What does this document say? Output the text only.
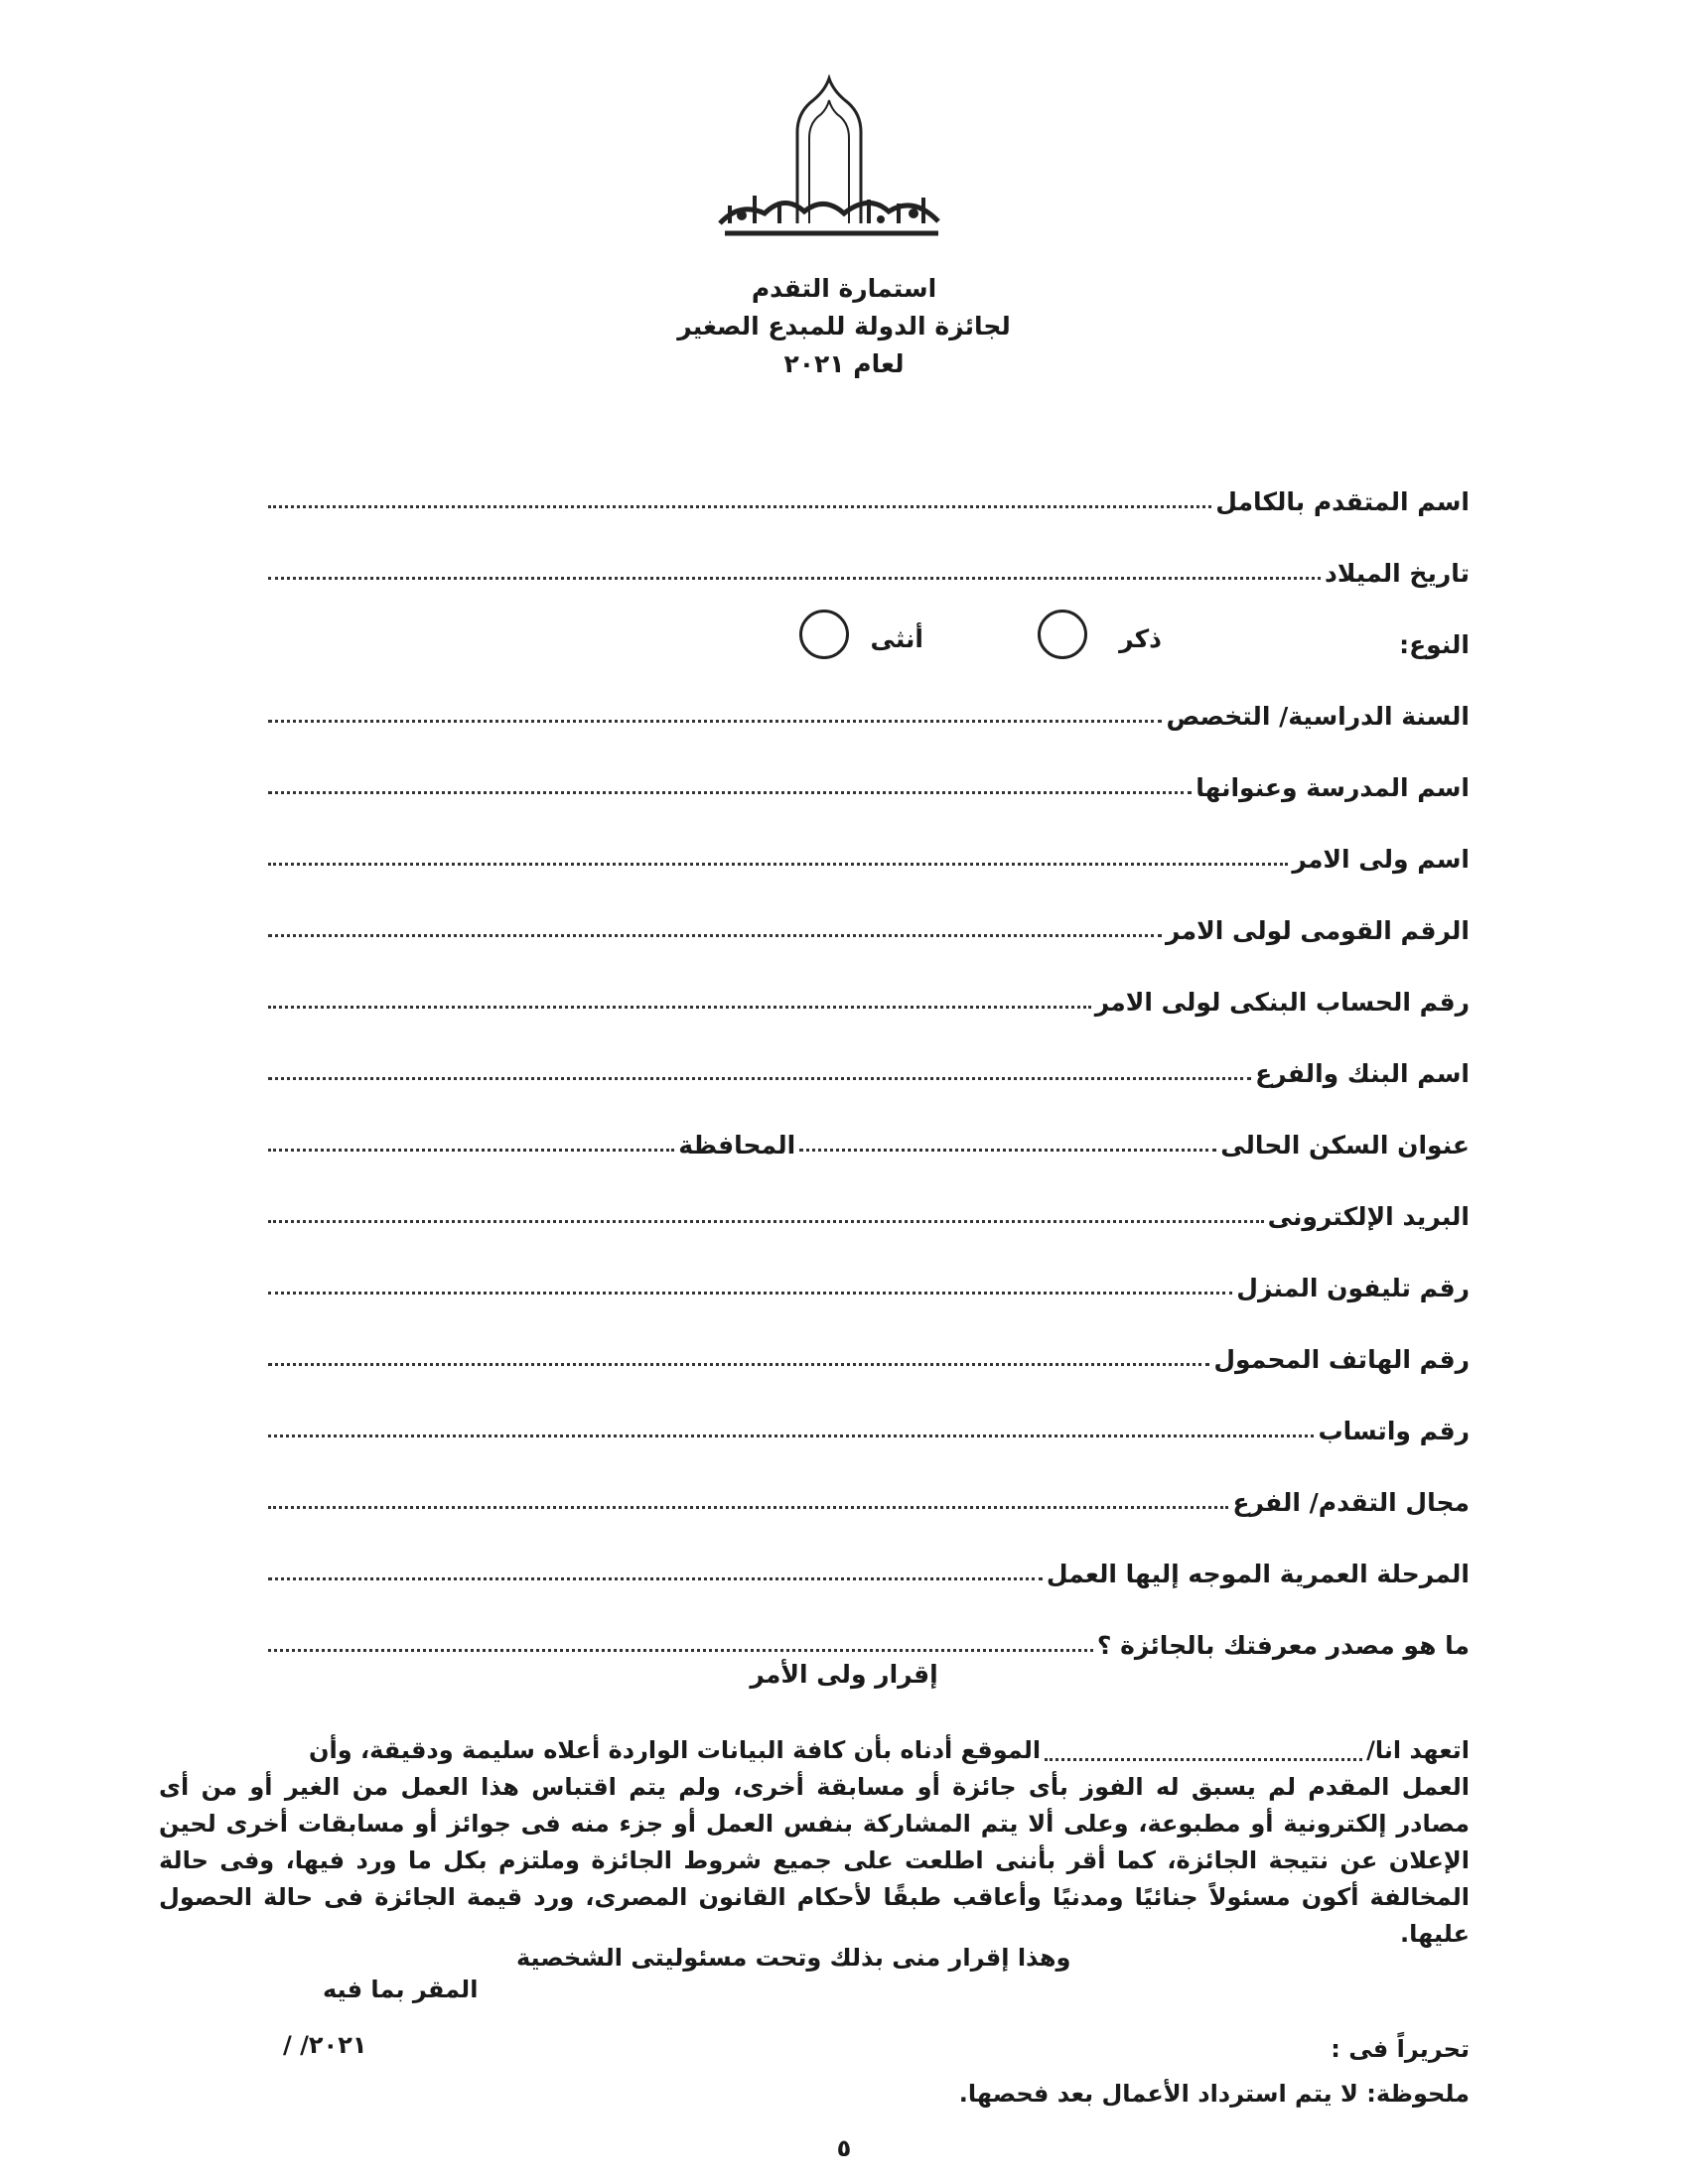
استمارة التقدم
لجائزة الدولة للمبدع الصغير
لعام ٢٠٢١
اسم المتقدم بالكامل
تاريخ الميلاد
النوع:
ذكر
أنثى
السنة الدراسية/ التخصص
اسم المدرسة وعنوانها
اسم ولى الامر
الرقم القومى لولى الامر
رقم الحساب البنكى لولى الامر
اسم البنك والفرع
عنوان السكن الحالى
المحافظة
البريد الإلكترونى
رقم تليفون المنزل
رقم الهاتف المحمول
رقم واتساب
مجال التقدم/ الفرع
المرحلة العمرية الموجه إليها العمل
ما هو مصدر معرفتك بالجائزة ؟
إقرار ولى الأمر

اتعهد انا/
الموقع أدناه بأن كافة البيانات الواردة أعلاه سليمة ودقيقة، وأن

العمل المقدم لم يسبق له الفوز بأى جائزة أو مسابقة أخرى، ولم يتم اقتباس هذا العمل من الغير أو من أى مصادر إلكترونية أو مطبوعة، وعلى ألا يتم المشاركة بنفس العمل أو جزء منه فى جوائز أو مسابقات أخرى لحين الإعلان عن نتيجة الجائزة، كما أقر بأننى اطلعت على جميع شروط الجائزة وملتزم بكل ما ورد فيها، وفى حالة المخالفة أكون مسئولاً جنائيًا ومدنيًا وأعاقب طبقًا لأحكام القانون المصرى، ورد قيمة الجائزة فى حالة الحصول عليها.

وهذا إقرار منى بذلك وتحت مسئوليتى الشخصية
المقر بما فيه
تحريراً فى :
٢٠٢١/ /
ملحوظة: لا يتم استرداد الأعمال بعد فحصها.
٥
